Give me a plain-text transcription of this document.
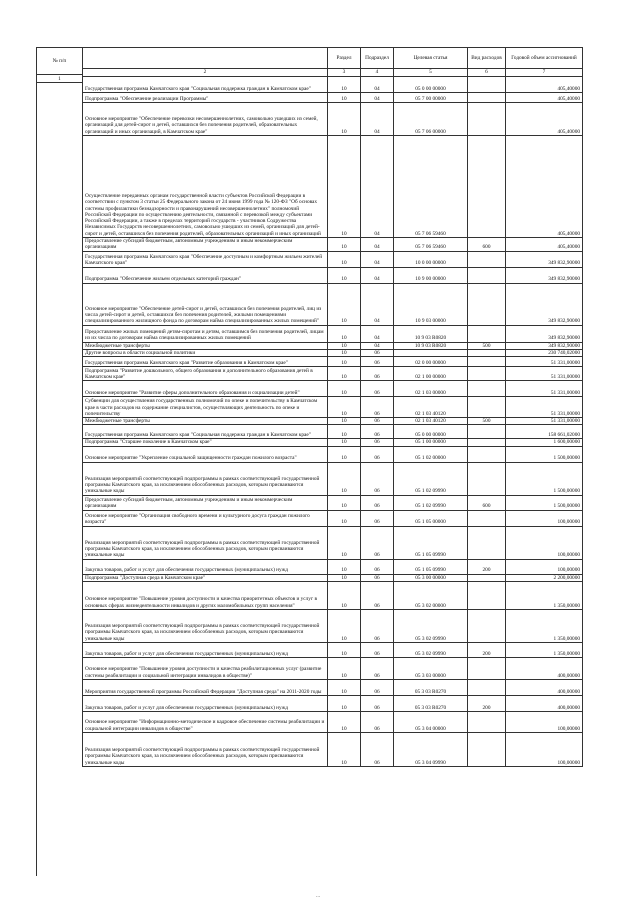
№ п/п
1
	Раздел	Подраздел	Целевая статья	Вид расходов	Годовой объем ассигнований
2	3	4	5	6	7
Государственная программа Камчатского края "Социальная поддержка граждан в Камчатском крае"	10	04	05 0 00 00000		405,40000
Подпрограмма "Обеспечение реализации Программы"	10	04	05 7 00 00000		405,40000
Основное мероприятие "Обеспечение перевозки несовершеннолетних, самовольно ушедших из семей, организаций для детей-сирот и детей, оставшихся без попечения родителей, образовательных организаций и иных организаций, в Камчатском крае"	10	04	05 7 06 00000		405,40000
Осуществление переданных органам государственной власти субъектов Российской Федерации в соответствии с пунктом 3 статьи 25 Федерального закона от 24 июня 1999 года № 120-ФЗ "Об основах системы профилактики безнадзорности и правонарушений несовершеннолетних" полномочий Российской Федерации по осуществлению деятельности, связанной с перевозкой между субъектами Российской Федерации, а также в пределах территорий государств - участников Содружества Независимых Государств несовершеннолетних, самовольно ушедших из семей, организаций для детей-сирот и детей, оставшихся без попечения родителей, образовательных организаций и иных организаций	10	04	05 7 06 59460		405,40000
Предоставление субсидий бюджетным, автономным учреждениям и иным некоммерческим организациям	10	04	05 7 06 59460	600	405,40000
Государственная программа Камчатского края "Обеспечение доступным и комфортным жильем жителей Камчатского края"	10	04	10 0 00 00000		349 832,90000
Подпрограмма "Обеспечение жильем отдельных категорий граждан"	10	04	10 9 00 00000		349 832,90000
Основное мероприятие "Обеспечение детей-сирот и детей, оставшихся без попечения родителей, лиц из числа детей-сирот и детей, оставшихся без попечения родителей, жилыми помещениями специализированного жилищного фонда по договорам найма специализированных жилых помещений"	10	04	10 9 03 00000		349 832,90000
Предоставление жилых помещений детям-сиротам и детям, оставшимся без попечения родителей, лицам из их числа по договорам найма специализированных жилых помещений	10	04	10 9 03 R0820		349 832,90000
Межбюджетные трансферты	10	04	10 9 03 R0820	500	349 832,90000
Другие вопросы в области социальной политики	10	06			230 740,02000
Государственная программа Камчатского края "Развитие образования в Камчатском крае"	10	06	02 0 00 00000		51 331,00000
Подпрограмма "Развитие дошкольного, общего образования и дополнительного образования детей в Камчатском крае"	10	06	02 1 00 00000		51 331,00000
Основное мероприятие "Развитие сферы дополнительного образования и социализации детей"	10	06	02 1 03 00000		51 331,00000
Субвенции для осуществления государственных полномочий по опеке и попечительству в Камчатском крае в части расходов на содержание специалистов, осуществляющих деятельность по опеке и попечительству	10	06	02 1 03 40120		51 331,00000
Межбюджетные трансферты	10	06	02 1 03 40120	500	51 331,00000
Государственная программа Камчатского края "Социальная поддержка граждан в Камчатском крае"	10	06	05 0 00 00000		158 661,02000
Подпрограмма "Старшее поколение в Камчатском крае"	10	06	05 1 00 00000		1 600,00000
Основное мероприятие "Укрепление социальной защищенности граждан пожилого возраста"	10	06	05 1 02 00000		1 500,00000
Реализация мероприятий соответствующей подпрограммы в рамках соответствующей государственной программы Камчатского края, за исключением обособленных расходов, которым присваиваются уникальные коды	10	06	05 1 02 09990		1 500,00000
Предоставление субсидий бюджетным, автономным учреждениям и иным некоммерческим организациям	10	06	05 1 02 09990	600	1 500,00000
Основное мероприятие "Организация свободного времени и культурного досуга граждан пожилого возраста"	10	06	05 1 05 00000		100,00000
Реализация мероприятий соответствующей подпрограммы в рамках соответствующей государственной программы Камчатского края, за исключением обособленных расходов, которым присваиваются уникальные коды	10	06	05 1 05 09990		100,00000
Закупка товаров, работ и услуг для обеспечения государственных (муниципальных) нужд	10	06	05 1 05 09990	200	100,00000
Подпрограмма "Доступная среда в Камчатском крае"	10	06	05 3 00 00000		2 200,00000
Основное мероприятие "Повышение уровня доступности и качества приоритетных объектов и услуг в основных сферах жизнедеятельности инвалидов и других маломобильных групп населения"	10	06	05 3 02 00000		1 350,00000
Реализация мероприятий соответствующей подпрограммы в рамках соответствующей государственной программы Камчатского края, за исключением обособленных расходов, которым присваиваются уникальные коды	10	06	05 3 02 09990		1 350,00000
Закупка товаров, работ и услуг для обеспечения государственных (муниципальных) нужд	10	06	05 3 02 09990	200	1 350,00000
Основное мероприятие "Повышение уровня доступности и качества реабилитационных услуг (развитие системы реабилитации и социальной интеграции инвалидов в обществе)"	10	06	05 3 03 00000		400,00000
Мероприятия государственной программы Российской Федерации "Доступная среда" на 2011-2020 годы	10	06	05 3 03 R0270		400,00000
Закупка товаров, работ и услуг для обеспечения государственных (муниципальных) нужд	10	06	05 3 03 R0270	200	400,00000
Основное мероприятие "Информационно-методическое и кадровое обеспечение системы реабилитации и социальной интеграции инвалидов в обществе"	10	06	05 3 04 00000		100,00000
Реализация мероприятий соответствующей подпрограммы в рамках соответствующей государственной программы Камчатского края, за исключением обособленных расходов, которым присваиваются уникальные коды	10	06	05 3 04 09990		100,00000
...
